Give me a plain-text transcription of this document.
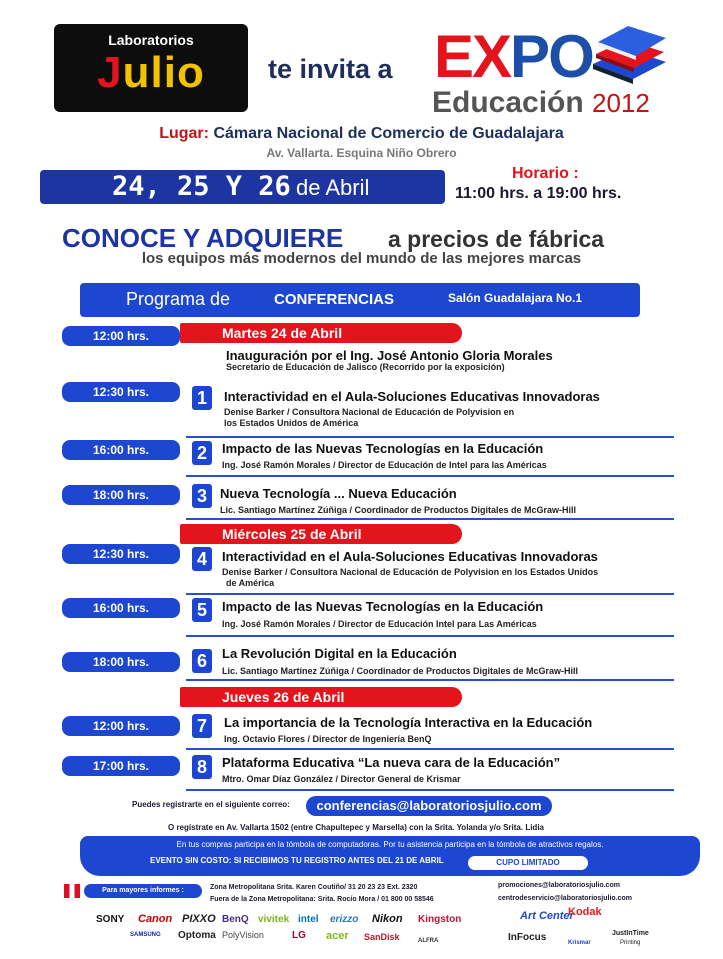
Laboratorios
Julio	te invita a EXPO
Educación 2012
Lugar: Cámara Nacional de Comercio de Guadalajara
Av. Vallarta. Esquina Niño Obrero
24, 25 Y 26 de Abril
Horario :
11:00 hrs. a 19:00 hrs.
CONOCE Y ADQUIERE a precios de fábrica
los equipos más modernos del mundo de las mejores marcas
Programa de	CONFERENCIAS	Salón Guadalajara No.1
Martes 24 de Abril
12:00 hrs.
Inauguración por el Ing. José Antonio Gloria Morales
Secretario de Educación de Jalisco (Recorrido por la exposición)
12:30 hrs.	1	Interactividad en el Aula-Soluciones Educativas Innovadoras
Denise Barker / Consultora Nacional de Educación de Polyvision en
los Estados Unidos de América
16:00 hrs.	2	Impacto de las Nuevas Tecnologías en la Educación
Ing. José Ramón Morales / Director de Educación de Intel para las Américas
18:00 hrs.	3	Nueva Tecnología ... Nueva Educación
Lic. Santiago Martínez Zúñiga / Coordinador de Productos Digitales de McGraw-Hill
Miércoles 25 de Abril
12:30 hrs.	4	Interactividad en el Aula-Soluciones Educativas Innovadoras
Denise Barker / Consultora Nacional de Educación de Polyvision en los Estados Unidos
de América
16:00 hrs.	5	Impacto de las Nuevas Tecnologías en la Educación
Ing. José Ramón Morales / Director de Educación Intel para Las Américas
18:00 hrs.	6	La Revolución Digital en la Educación
Lic. Santiago Martínez Zúñiga / Coordinador de Productos Digitales de McGraw-Hill
Jueves 26 de Abril
12:00 hrs.	7	La importancia de la Tecnología Interactiva en la Educación
Ing. Octavio Flores / Director de Ingeniería BenQ
17:00 hrs.	8	Plataforma Educativa “La nueva cara de la Educación”
Mtro. Omar Díaz González / Director General de Krismar
Puedes registrarte en el siguiente correo:	conferencias@laboratoriosjulio.com
O regístrate en Av. Vallarta 1502 (entre Chapultepec y Marsella) con la Srita. Yolanda y/o Srita. Lidia
En tus compras participa en la tómbola de computadoras. Por tu asistencia participa en la tómbola de atractivos regalos.
EVENTO SIN COSTO: SI RECIBIMOS TU REGISTRO ANTES DEL 21 DE ABRIL	CUPO LIMITADO
Para mayores informes :	Zona Metropolitana Srita. Karen Coutiño/ 31 20 23 23 Ext. 2320
Fuera de la Zona Metropolitana: Srita. Rocío Mora / 01 800 00 58546
promociones@laboratoriosjulio.com
centrodeservicio@laboratoriosjulio.com
SONY Canon PIXXO BenQ vivitek intel erizzo Nikon Kingston	Art Center
Kodak
SAMSUNG Optoma PolyVision	LG acer SanDisk	ALFRA	InFocus	Krismar
JustInTime
Printing
